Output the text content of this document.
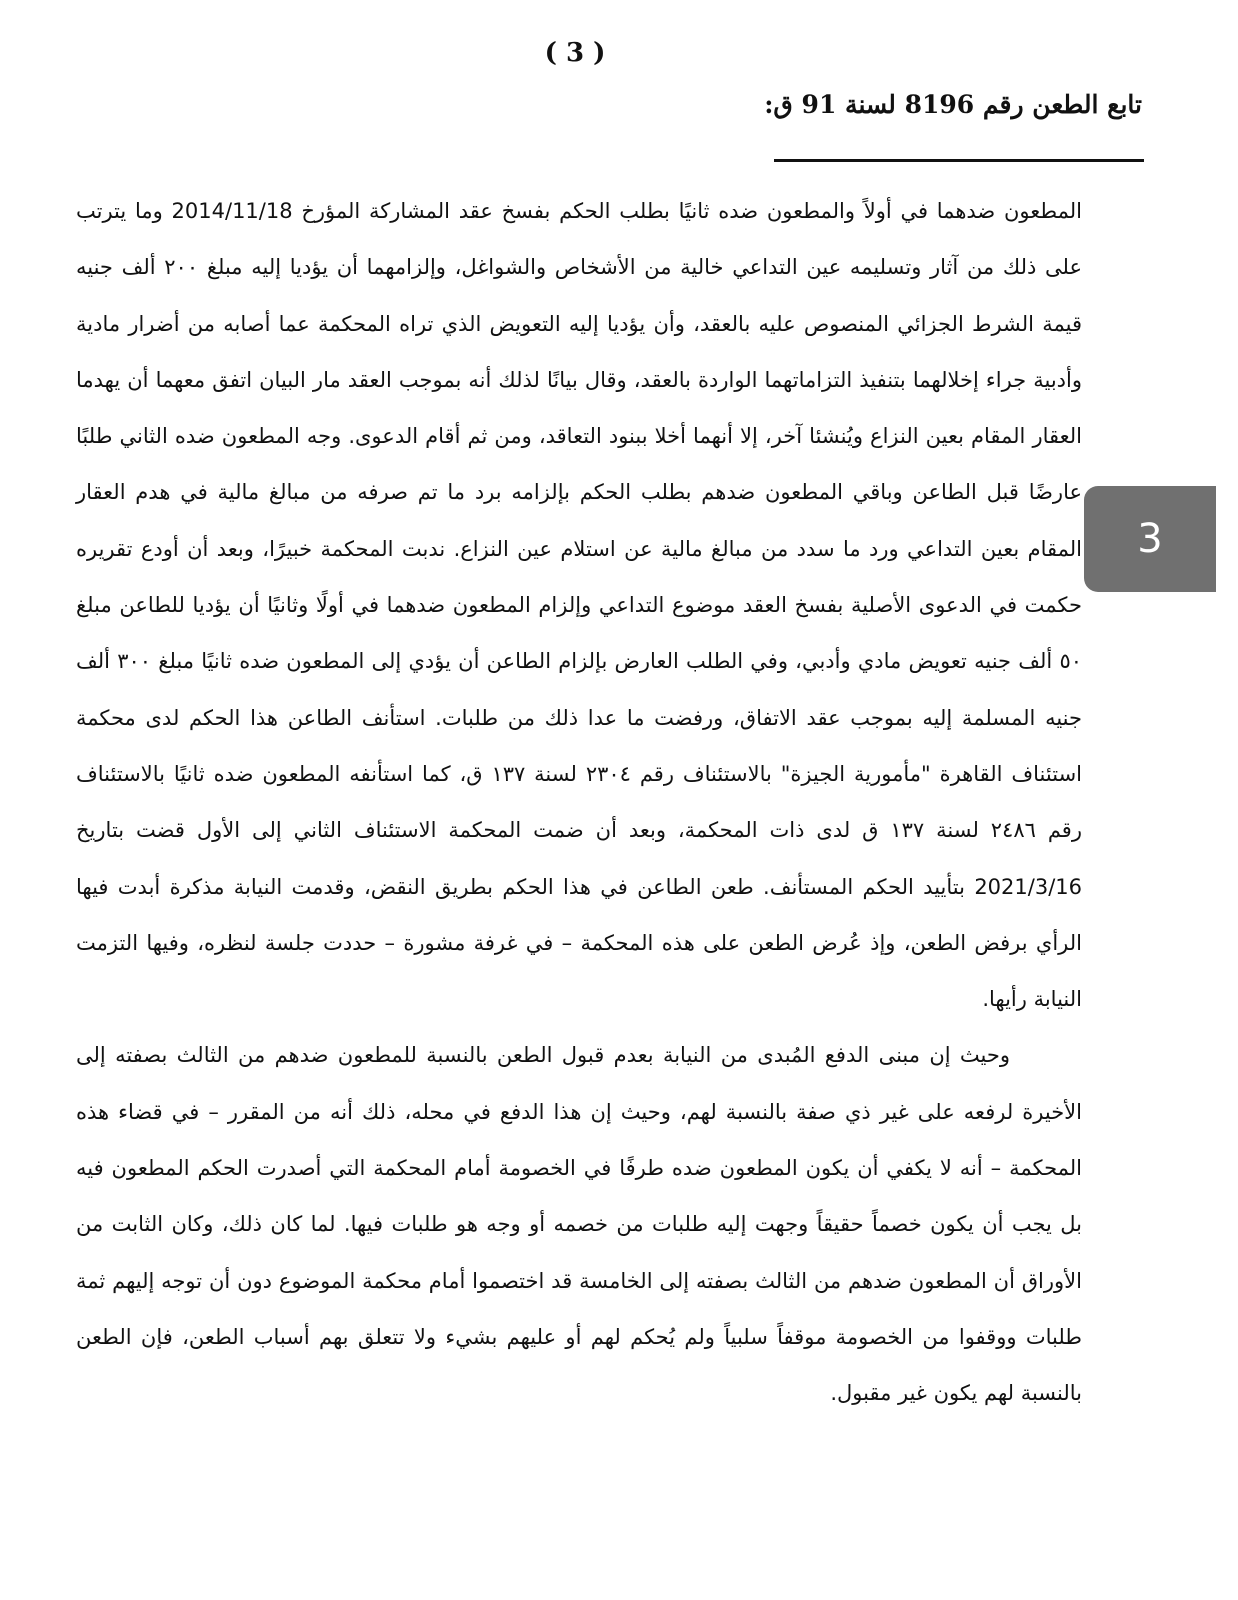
( 3 )
تابع الطعن رقم 8196 لسنة 91 ق:

المطعون ضدهما في أولاً والمطعون ضده ثانيًا بطلب الحكم بفسخ عقد المشاركة المؤرخ 2014/11/18 وما يترتب على ذلك من آثار وتسليمه عين التداعي خالية من الأشخاص والشواغل، وإلزامهما أن يؤديا إليه مبلغ ٢٠٠ ألف جنيه قيمة الشرط الجزائي المنصوص عليه بالعقد، وأن يؤديا إليه التعويض الذي تراه المحكمة عما أصابه من أضرار مادية وأدبية جراء إخلالهما بتنفيذ التزاماتهما الواردة بالعقد، وقال بيانًا لذلك أنه بموجب العقد مار البيان اتفق معهما أن يهدما العقار المقام بعين النزاع ويُنشئا آخر، إلا أنهما أخلا ببنود التعاقد، ومن ثم أقام الدعوى. وجه المطعون ضده الثاني طلبًا عارضًا قبل الطاعن وباقي المطعون ضدهم بطلب الحكم بإلزامه برد ما تم صرفه من مبالغ مالية في هدم العقار المقام بعين التداعي ورد ما سدد من مبالغ مالية عن استلام عين النزاع. ندبت المحكمة خبيرًا، وبعد أن أودع تقريره حكمت في الدعوى الأصلية بفسخ العقد موضوع التداعي وإلزام المطعون ضدهما في أولًا وثانيًا أن يؤديا للطاعن مبلغ ٥٠ ألف جنيه تعويض مادي وأدبي، وفي الطلب العارض بإلزام الطاعن أن يؤدي إلى المطعون ضده ثانيًا مبلغ ٣٠٠ ألف جنيه المسلمة إليه بموجب عقد الاتفاق، ورفضت ما عدا ذلك من طلبات. استأنف الطاعن هذا الحكم لدى محكمة استئناف القاهرة "مأمورية الجيزة" بالاستئناف رقم ٢٣٠٤ لسنة ١٣٧ ق، كما استأنفه المطعون ضده ثانيًا بالاستئناف رقم ٢٤٨٦ لسنة ١٣٧ ق لدى ذات المحكمة، وبعد أن ضمت المحكمة الاستئناف الثاني إلى الأول قضت بتاريخ 2021/3/16 بتأييد الحكم المستأنف. طعن الطاعن في هذا الحكم بطريق النقض، وقدمت النيابة مذكرة أبدت فيها الرأي برفض الطعن، وإذ عُرض الطعن على هذه المحكمة – في غرفة مشورة – حددت جلسة لنظره، وفيها التزمت النيابة رأيها.

وحيث إن مبنى الدفع المُبدى من النيابة بعدم قبول الطعن بالنسبة للمطعون ضدهم من الثالث بصفته إلى الأخيرة لرفعه على غير ذي صفة بالنسبة لهم، وحيث إن هذا الدفع في محله، ذلك أنه من المقرر – في قضاء هذه المحكمة – أنه لا يكفي أن يكون المطعون ضده طرفًا في الخصومة أمام المحكمة التي أصدرت الحكم المطعون فيه بل يجب أن يكون خصماً حقيقاً وجهت إليه طلبات من خصمه أو وجه هو طلبات فيها. لما كان ذلك، وكان الثابت من الأوراق أن المطعون ضدهم من الثالث بصفته إلى الخامسة قد اختصموا أمام محكمة الموضوع دون أن توجه إليهم ثمة طلبات ووقفوا من الخصومة موقفاً سلبياً ولم يُحكم لهم أو عليهم بشيء ولا تتعلق بهم أسباب الطعن، فإن الطعن بالنسبة لهم يكون غير مقبول.

3
